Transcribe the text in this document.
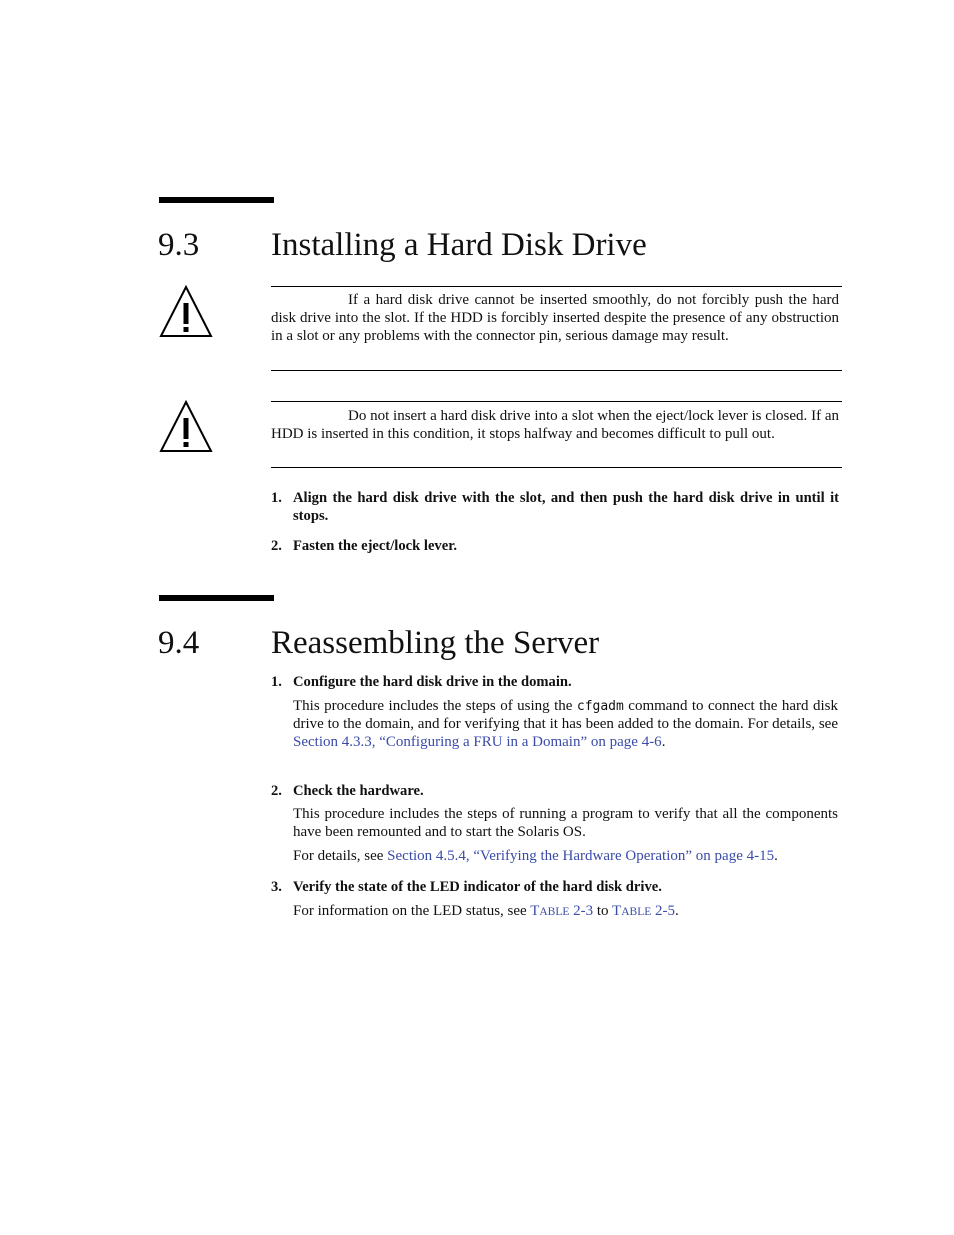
9.3 Installing a Hard Disk Drive
If a hard disk drive cannot be inserted smoothly, do not forcibly push the hard disk drive into the slot. If the HDD is forcibly inserted despite the presence of any obstruction in a slot or any problems with the connector pin, serious damage may result.
Do not insert a hard disk drive into a slot when the eject/lock lever is closed. If an HDD is inserted in this condition, it stops halfway and becomes difficult to pull out.
1. Align the hard disk drive with the slot, and then push the hard disk drive in until it stops.
2. Fasten the eject/lock lever.
9.4 Reassembling the Server
1. Configure the hard disk drive in the domain.
This procedure includes the steps of using the cfgadm command to connect the hard disk drive to the domain, and for verifying that it has been added to the domain. For details, see Section 4.3.3, “Configuring a FRU in a Domain” on page 4-6.
2. Check the hardware.
This procedure includes the steps of running a program to verify that all the components have been remounted and to start the Solaris OS.
For details, see Section 4.5.4, “Verifying the Hardware Operation” on page 4-15.
3. Verify the state of the LED indicator of the hard disk drive.
For information on the LED status, see TABLE 2-3 to TABLE 2-5.
